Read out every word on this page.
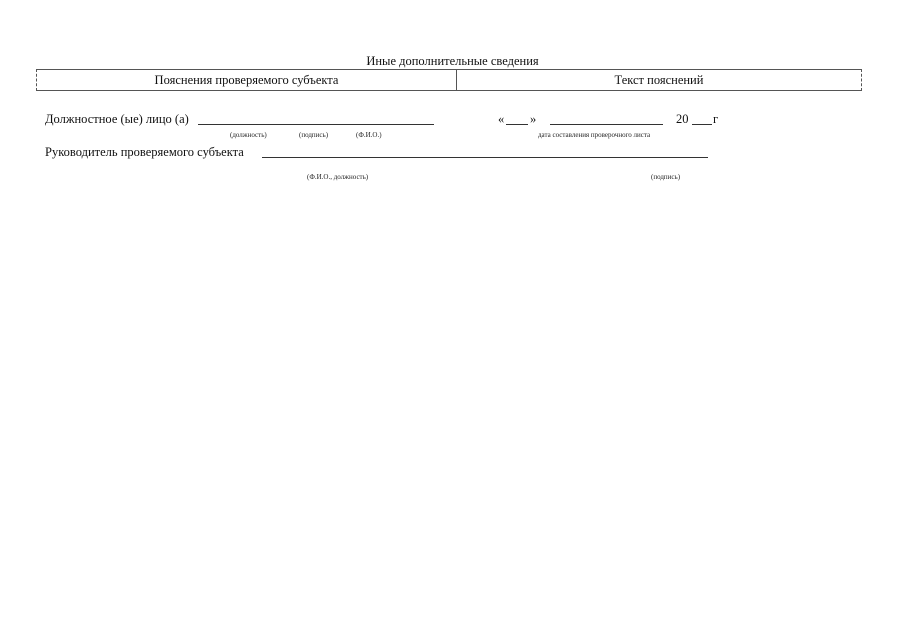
Иные дополнительные сведения
Пояснения проверяемого субъекта	Текст пояснений
Должностное (ые) лицо (а)
(должность)	(подпись)	(Ф.И.О.)
« »	20 г
дата составления проверочного листа
Руководитель проверяемого субъекта
(Ф.И.О., должность)	(подпись)
